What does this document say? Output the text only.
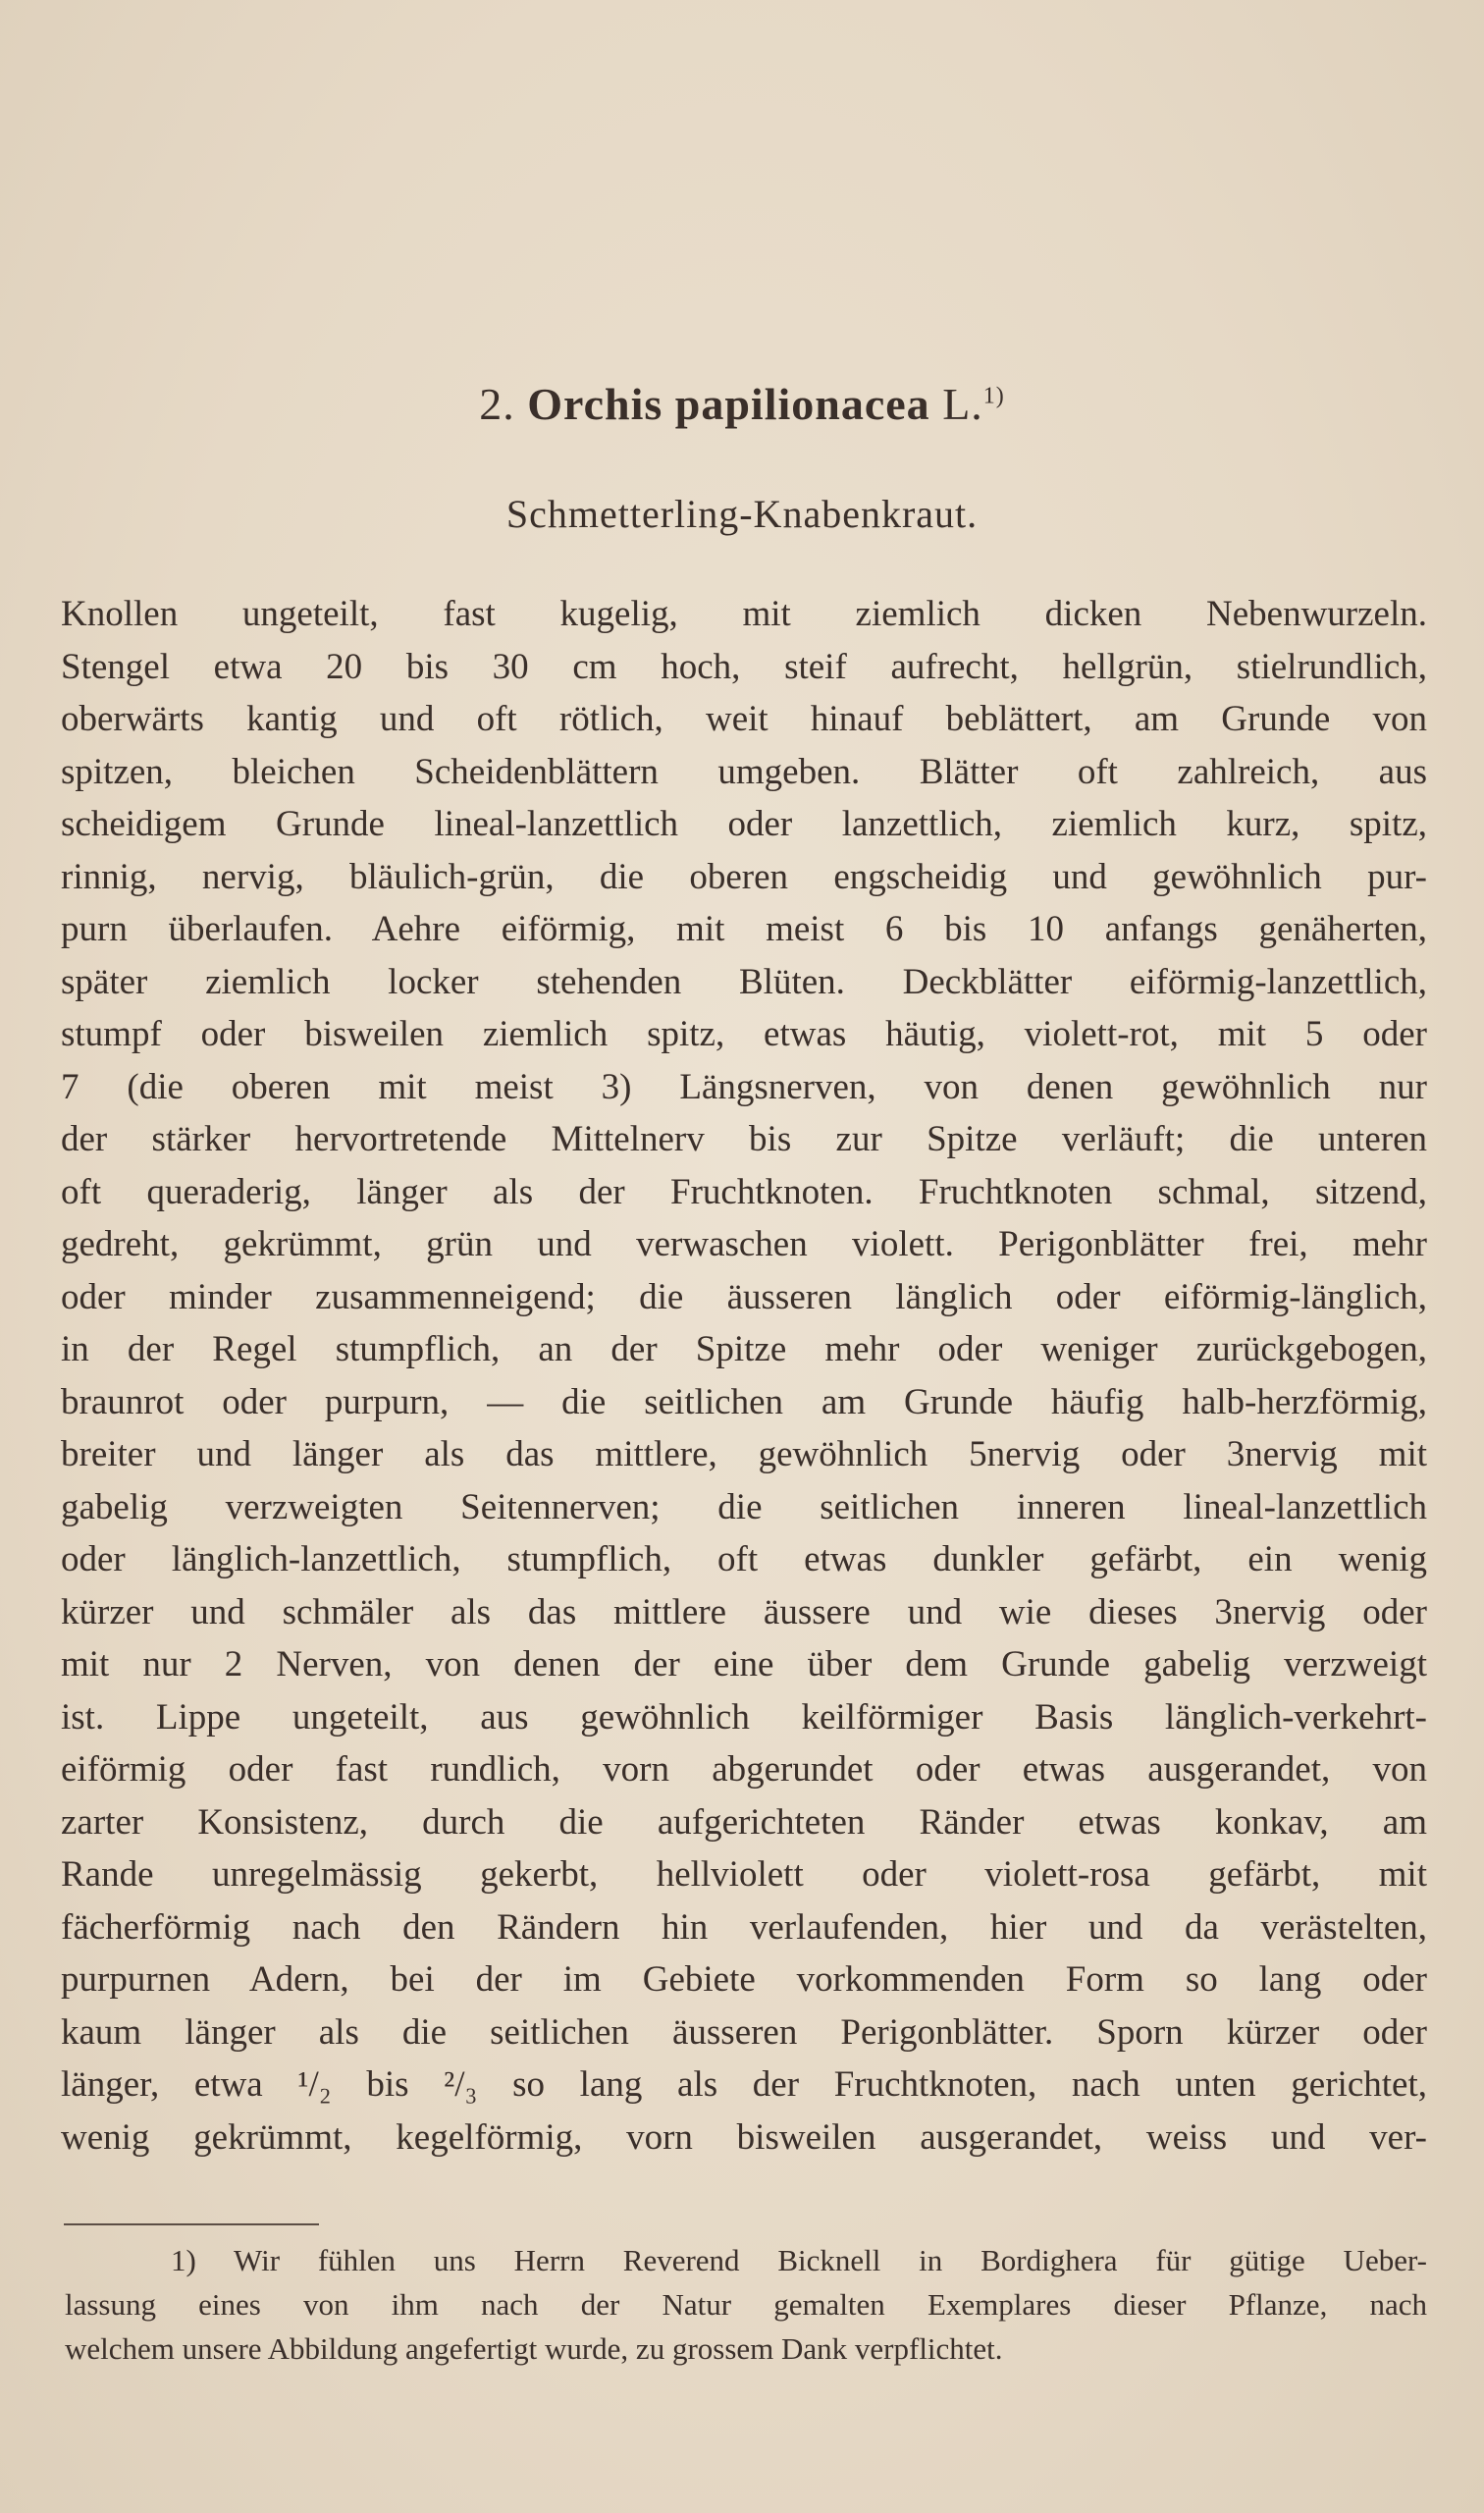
2. Orchis papilionacea L.$^{1)}$
Schmetterling-Knabenkraut.
Knollen ungeteilt, fast kugelig, mit ziemlich dicken Nebenwurzeln.
Stengel etwa 20 bis 30 cm hoch, steif aufrecht, hellgrün, stielrundlich,
oberwärts kantig und oft rötlich, weit hinauf beblättert, am Grunde von
spitzen, bleichen Scheidenblättern umgeben. Blätter oft zahlreich, aus
scheidigem Grunde lineal-lanzettlich oder lanzettlich, ziemlich kurz, spitz,
rinnig, nervig, bläulich-grün, die oberen engscheidig und gewöhnlich pur-
purn überlaufen. Aehre eiförmig, mit meist 6 bis 10 anfangs genäherten,
später ziemlich locker stehenden Blüten. Deckblätter eiförmig-lanzettlich,
stumpf oder bisweilen ziemlich spitz, etwas häutig, violett-rot, mit 5 oder
7 (die oberen mit meist 3) Längsnerven, von denen gewöhnlich nur
der stärker hervortretende Mittelnerv bis zur Spitze verläuft; die unteren
oft queraderig, länger als der Fruchtknoten. Fruchtknoten schmal, sitzend,
gedreht, gekrümmt, grün und verwaschen violett. Perigonblätter frei, mehr
oder minder zusammenneigend; die äusseren länglich oder eiförmig-länglich,
in der Regel stumpflich, an der Spitze mehr oder weniger zurückgebogen,
braunrot oder purpurn, — die seitlichen am Grunde häufig halb-herzförmig,
breiter und länger als das mittlere, gewöhnlich 5nervig oder 3nervig mit
gabelig verzweigten Seitennerven; die seitlichen inneren lineal-lanzettlich
oder länglich-lanzettlich, stumpflich, oft etwas dunkler gefärbt, ein wenig
kürzer und schmäler als das mittlere äussere und wie dieses 3nervig oder
mit nur 2 Nerven, von denen der eine über dem Grunde gabelig verzweigt
ist. Lippe ungeteilt, aus gewöhnlich keilförmiger Basis länglich-verkehrt-
eiförmig oder fast rundlich, vorn abgerundet oder etwas ausgerandet, von
zarter Konsistenz, durch die aufgerichteten Ränder etwas konkav, am
Rande unregelmässig gekerbt, hellviolett oder violett-rosa gefärbt, mit
fächerförmig nach den Rändern hin verlaufenden, hier und da verästelten,
purpurnen Adern, bei der im Gebiete vorkommenden Form so lang oder
kaum länger als die seitlichen äusseren Perigonblätter. Sporn kürzer oder
länger, etwa ¹/₂ bis ²/₃ so lang als der Fruchtknoten, nach unten gerichtet,
wenig gekrümmt, kegelförmig, vorn bisweilen ausgerandet, weiss und ver-
1) Wir fühlen uns Herrn Reverend Bicknell in Bordighera für gütige Ueber-
lassung eines von ihm nach der Natur gemalten Exemplares dieser Pflanze, nach
welchem unsere Abbildung angefertigt wurde, zu grossem Dank verpflichtet.
